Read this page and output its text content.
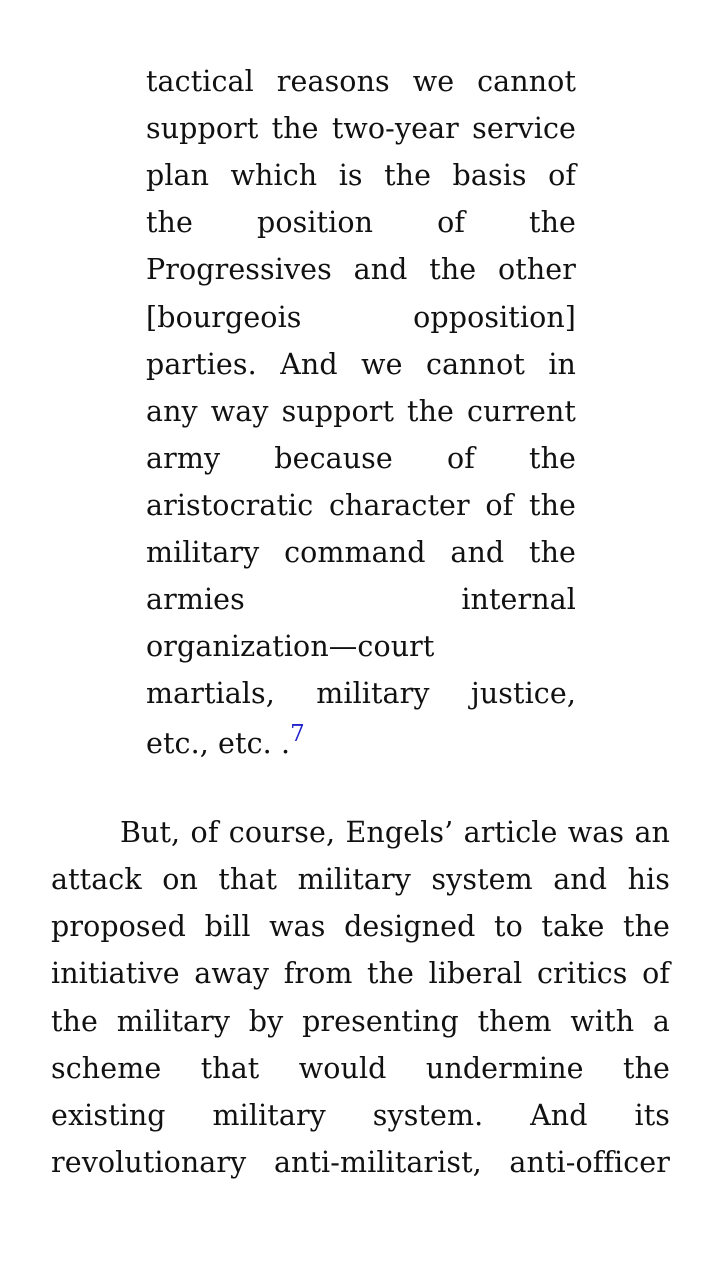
tactical reasons we cannot
support the two-year service
plan which is the basis of
the position of the
Progressives and the other
[bourgeois opposition]
parties. And we cannot in
any way support the current
army because of the
aristocratic character of the
military command and the
armies internal
organization—court
martials, military justice,
etc., etc. .$^7$
But, of course, Engels’ article was an
attack on that military system and his
proposed bill was designed to take the
initiative away from the liberal critics of
the military by presenting them with a
scheme that would undermine the
existing military system. And its
revolutionary anti-militarist, anti-officer
